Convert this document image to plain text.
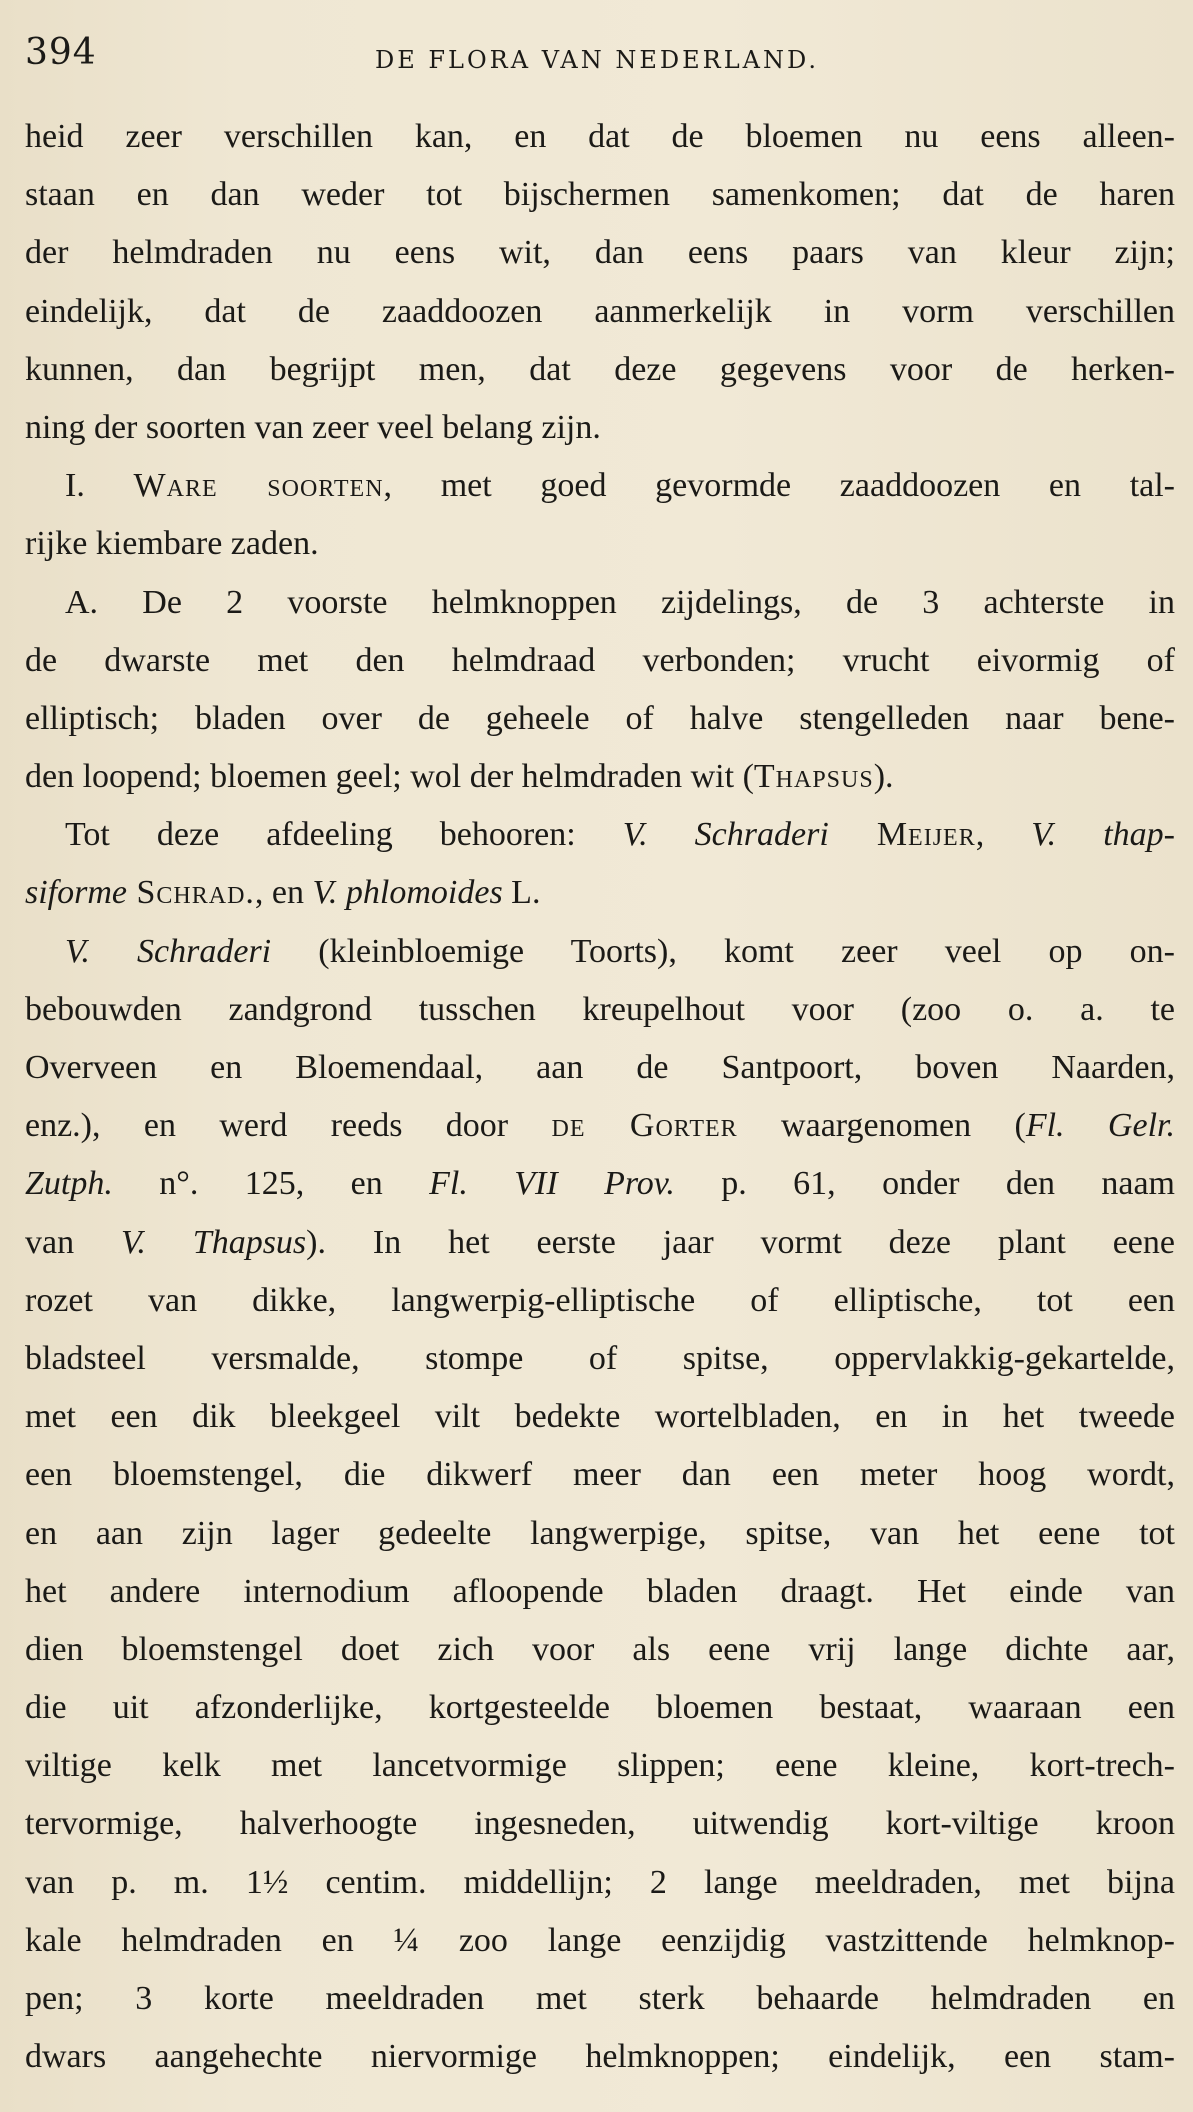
394	DE FLORA VAN NEDERLAND.
heid zeer verschillen kan, en dat de bloemen nu eens alleen-
staan en dan weder tot bijschermen samenkomen; dat de haren
der helmdraden nu eens wit, dan eens paars van kleur zijn;
eindelijk, dat de zaaddoozen aanmerkelijk in vorm verschillen
kunnen, dan begrijpt men, dat deze gegevens voor de herken-
ning der soorten van zeer veel belang zijn.
I. Ware soorten, met goed gevormde zaaddoozen en tal-
rijke kiembare zaden.
A. De 2 voorste helmknoppen zijdelings, de 3 achterste in
de dwarste met den helmdraad verbonden; vrucht eivormig of
elliptisch; bladen over de geheele of halve stengelleden naar bene-
den loopend; bloemen geel; wol der helmdraden wit (Thapsus).
Tot deze afdeeling behooren: V. Schraderi Meijer, V. thap-
siforme Schrad., en V. phlomoides L.
V. Schraderi (kleinbloemige Toorts), komt zeer veel op on-
bebouwden zandgrond tusschen kreupelhout voor (zoo o. a. te
Overveen en Bloemendaal, aan de Santpoort, boven Naarden,
enz.), en werd reeds door de Gorter waargenomen (Fl. Gelr.
Zutph. n°. 125, en Fl. VII Prov. p. 61, onder den naam
van V. Thapsus). In het eerste jaar vormt deze plant eene
rozet van dikke, langwerpig-elliptische of elliptische, tot een
bladsteel versmalde, stompe of spitse, oppervlakkig-gekartelde,
met een dik bleekgeel vilt bedekte wortelbladen, en in het tweede
een bloemstengel, die dikwerf meer dan een meter hoog wordt,
en aan zijn lager gedeelte langwerpige, spitse, van het eene tot
het andere internodium afloopende bladen draagt. Het einde van
dien bloemstengel doet zich voor als eene vrij lange dichte aar,
die uit afzonderlijke, kortgesteelde bloemen bestaat, waaraan een
viltige kelk met lancetvormige slippen; eene kleine, kort-trech-
tervormige, halverhoogte ingesneden, uitwendig kort-viltige kroon
van p. m. 1½ centim. middellijn; 2 lange meeldraden, met bijna
kale helmdraden en ¼ zoo lange eenzijdig vastzittende helmknop-
pen; 3 korte meeldraden met sterk behaarde helmdraden en
dwars aangehechte niervormige helmknoppen; eindelijk, een stam-
